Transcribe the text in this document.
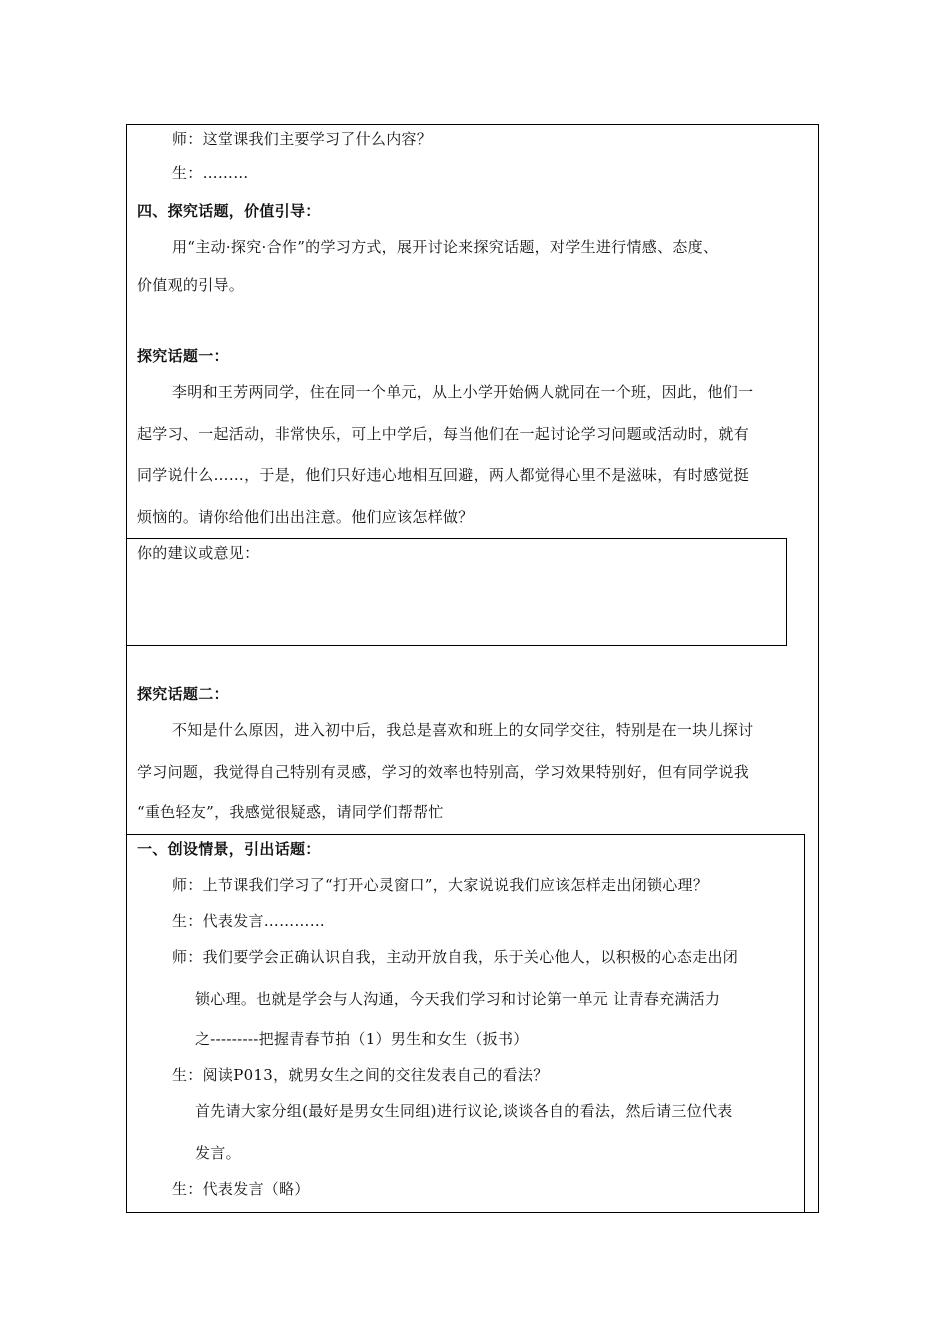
师：这堂课我们主要学习了什么内容？
生：………
四、探究话题，价值引导：
用“主动·探究·合作”的学习方式，展开讨论来探究话题，对学生进行情感、态度、
价值观的引导。
探究话题一：
李明和王芳两同学，住在同一个单元，从上小学开始俩人就同在一个班，因此，他们一
起学习、一起活动，非常快乐，可上中学后，每当他们在一起讨论学习问题或活动时，就有
同学说什么……，于是，他们只好违心地相互回避，两人都觉得心里不是滋味，有时感觉挺
烦恼的。请你给他们出出注意。他们应该怎样做？
你的建议或意见：
探究话题二：
不知是什么原因，进入初中后，我总是喜欢和班上的女同学交往，特别是在一块儿探讨
学习问题，我觉得自己特别有灵感，学习的效率也特别高，学习效果特别好，但有同学说我
“重色轻友”，我感觉很疑惑，请同学们帮帮忙
一、创设情景，引出话题：
师：上节课我们学习了“打开心灵窗口”，大家说说我们应该怎样走出闭锁心理？
生：代表发言…………
师：我们要学会正确认识自我，主动开放自我，乐于关心他人，以积极的心态走出闭
锁心理。也就是学会与人沟通，今天我们学习和讨论第一单元 让青春充满活力
之---------把握青春节拍（1）男生和女生（扳书）
生：阅读P013，就男女生之间的交往发表自己的看法？
首先请大家分组(最好是男女生同组)进行议论,谈谈各自的看法，然后请三位代表
发言。
生：代表发言（略）
